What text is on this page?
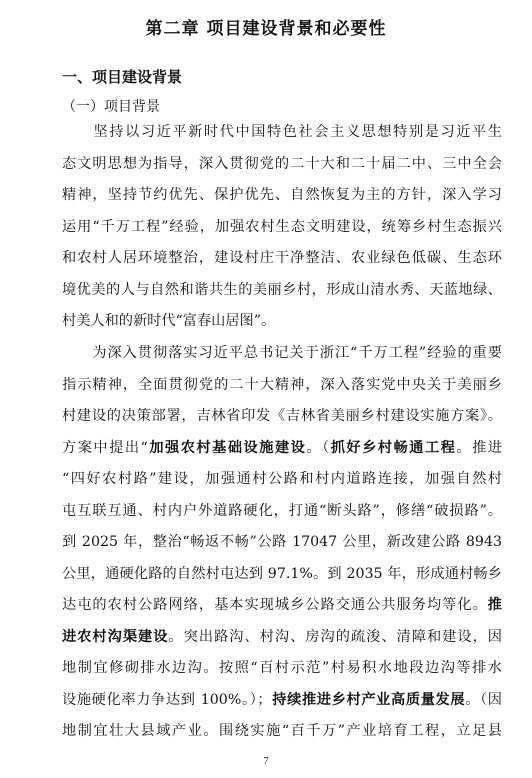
第二章 项目建设背景和必要性
一、项目建设背景
（一）项目背景
　　坚持以习近平新时代中国特色社会主义思想特别是习近平生
态文明思想为指导，深入贯彻党的二十大和二十届二中、三中全会
精神，坚持节约优先、保护优先、自然恢复为主的方针，深入学习
运用“千万工程”经验，加强农村生态文明建设，统筹乡村生态振兴
和农村人居环境整治，建设村庄干净整洁、农业绿色低碳、生态环
境优美的人与自然和谐共生的美丽乡村，形成山清水秀、天蓝地绿、
村美人和的新时代“富春山居图”。
　　为深入贯彻落实习近平总书记关于浙江“千万工程”经验的重要
指示精神，全面贯彻党的二十大精神，深入落实党中央关于美丽乡
村建设的决策部署，吉林省印发《吉林省美丽乡村建设实施方案》。
方案中提出“加强农村基础设施建设。（抓好乡村畅通工程。推进
“四好农村路”建设，加强通村公路和村内道路连接，加强自然村
屯互联互通、村内户外道路硬化，打通“断头路”，修缮“破损路”。
到 2025 年，整治“畅返不畅”公路 17047 公里，新改建公路 8943
公里，通硬化路的自然村屯达到 97.1%。到 2035 年，形成通村畅乡
达屯的农村公路网络，基本实现城乡公路交通公共服务均等化。推
进农村沟渠建设。突出路沟、村沟、房沟的疏浚、清障和建设，因
地制宜修砌排水边沟。按照“百村示范”村易积水地段边沟等排水
设施硬化率力争达到 100%。）；持续推进乡村产业高质量发展。（因
地制宜壮大县域产业。围绕实施“百千万”产业培育工程，立足县
7
